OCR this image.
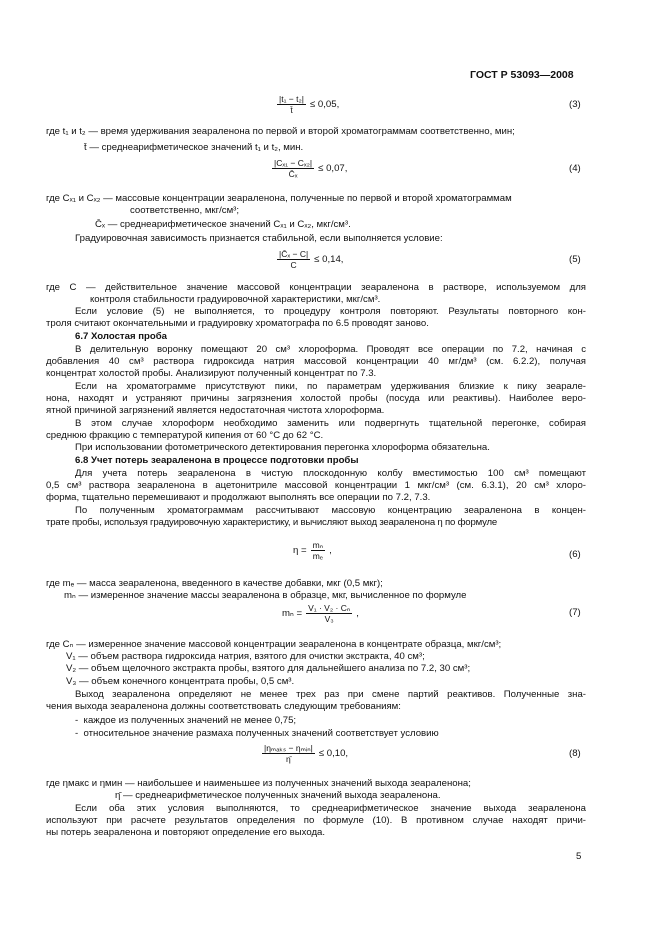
ГОСТ Р 53093—2008
$\frac{\text{|t₁ − t₂|}}{t̄} \le 0,05$,	(3)
где t₁ и t₂ — время удерживания зеараленона по первой и второй хроматограммам соответственно, мин;
t̄ — среднеарифметическое значений t₁ и t₂, мин.
$\frac{\text{|Cₓ₁ − Cₓ₂|}}{\text{C̄ₓ}} \le 0,07$,	(4)
где Cₓ₁ и Cₓ₂ — массовые концентрации зеараленона, полученные по первой и второй хроматограммам
соответственно, мкг/см³;
C̄ₓ — среднеарифметическое значений Cₓ₁ и Cₓ₂, мкг/см³.
Градуировочная зависимость признается стабильной, если выполняется условие:
$\frac{\text{|C̄ₓ − C|}}{C} \le 0,14$,	(5)
где C — действительное значение массовой концентрации зеараленона в растворе, используемом для
контроля стабильности градуировочной характеристики, мкг/см³.
Если условие (5) не выполняется, то процедуру контроля повторяют. Результаты повторного кон-
троля считают окончательными и градуировку хроматографа по 6.5 проводят заново.
6.7 Холостая проба
В делительную воронку помещают 20 см³ хлороформа. Проводят все операции по 7.2, начиная с
добавления 40 см³ раствора гидроксида натрия массовой концентрации 40 мг/дм³ (см. 6.2.2), получая
концентрат холостой пробы. Анализируют полученный концентрат по 7.3.
Если на хроматограмме присутствуют пики, по параметрам удерживания близкие к пику зеарале-
нона, находят и устраняют причины загрязнения холостой пробы (посуда или реактивы). Наиболее веро-
ятной причиной загрязнений является недостаточная чистота хлороформа.
В этом случае хлороформ необходимо заменить или подвергнуть тщательной перегонке, собирая
среднюю фракцию с температурой кипения от 60 °C до 62 °C.
При использовании фотометрического детектирования перегонка хлороформа обязательна.
6.8 Учет потерь зеараленона в процессе подготовки пробы
Для учета потерь зеараленона в чистую плоскодонную колбу вместимостью 100 см³ помещают
0,5 см³ раствора зеараленона в ацетонитриле массовой концентрации 1 мкг/см³ (см. 6.3.1), 20 см³ хлоро-
форма, тщательно перемешивают и продолжают выполнять все операции по 7.2, 7.3.
По полученным хроматограммам рассчитывают массовую концентрацию зеараленона в концен-
трате пробы, используя градуировочную характеристику, и вычисляют выход зеараленона η по формуле
$\eta = \frac{\text{mₙ}}{\text{mₑ}}$ ,	(6)
где mₑ — масса зеараленона, введенного в качестве добавки, мкг (0,5 мкг);
mₙ — измеренное значение массы зеараленона в образце, мкг, вычисленное по формуле
$m_n = \frac{\text{V₁ · V₂ · Cₙ}}{\text{V₃}}$ ,	(7)
где Cₙ — измеренное значение массовой концентрации зеараленона в концентрате образца, мкг/см³;
V₁ — объем раствора гидроксида натрия, взятого для очистки экстракта, 40 см³;
V₂ — объем щелочного экстракта пробы, взятого для дальнейшего анализа по 7.2, 30 см³;
V₃ — объем конечного концентрата пробы, 0,5 см³.
Выход зеараленона определяют не менее трех раз при смене партий реактивов. Полученные зна-
чения выхода зеараленона должны соответствовать следующим требованиям:
-  каждое из полученных значений не менее 0,75;
-  относительное значение размаха полученных значений соответствует условию
$\frac{\text{|ηₘₐₖₛ − ηₘᵢₙ|}}{\etā} \le 0,10$,	(8)
где ηмакс и ηмин — наибольшее и наименьшее из полученных значений выхода зеараленона;
η̄ — среднеарифметическое полученных значений выхода зеараленона.
Если оба этих условия выполняются, то среднеарифметическое значение выхода зеараленона
используют при расчете результатов определения по формуле (10). В противном случае находят причи-
ны потерь зеараленона и повторяют определение его выхода.
5
